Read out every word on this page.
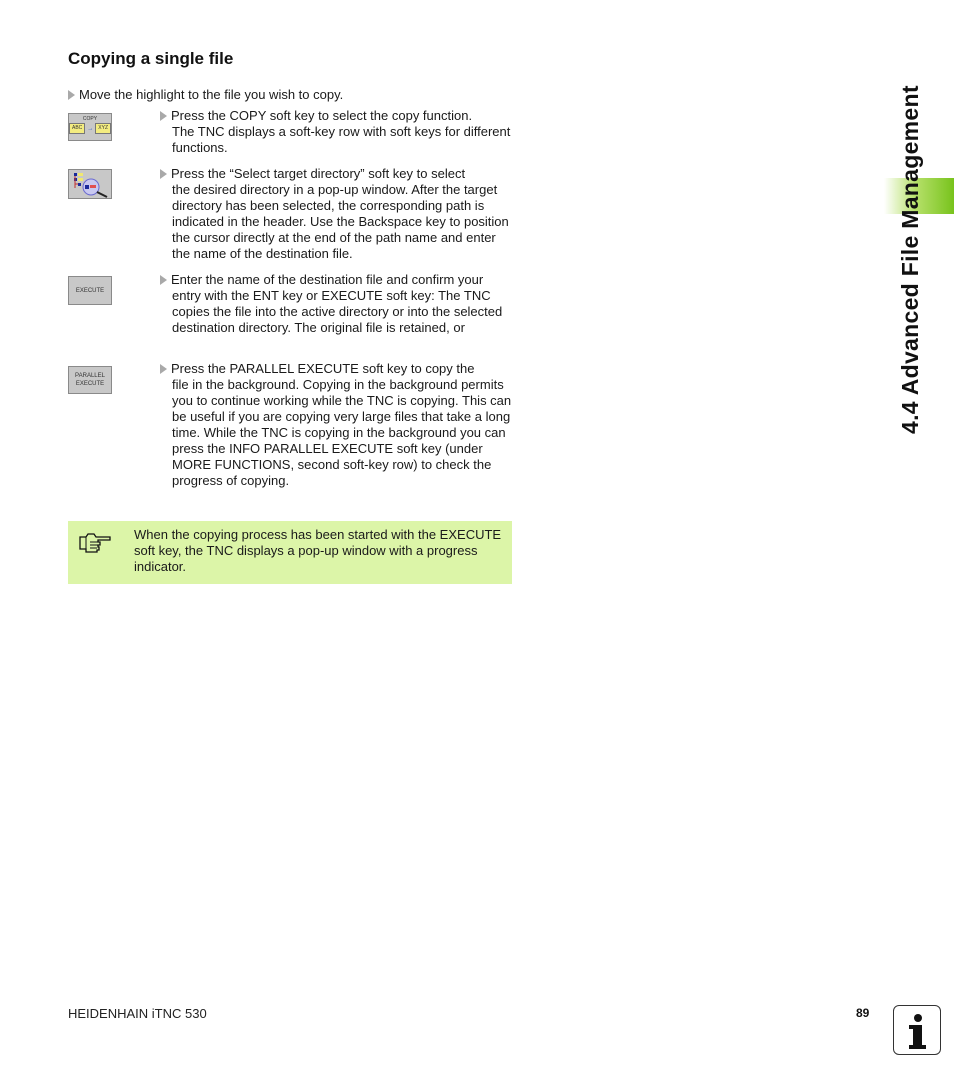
Copying a single file
Move the highlight to the file you wish to copy.
COPY
ABC →	XYZ
Press the COPY soft key to select the copy function.
The TNC displays a soft-key row with soft keys for different functions.
Press the “Select target directory” soft key to select
the desired directory in a pop-up window. After the target directory has been selected, the corresponding path is indicated in the header. Use the Backspace key to position the cursor directly at the end of the path name and enter the name of the destination file.
EXECUTE
Enter the name of the destination file and confirm your
entry with the ENT key or EXECUTE soft key: The TNC copies the file into the active directory or into the selected destination directory. The original file is retained, or
PARALLEL
EXECUTE
Press the PARALLEL EXECUTE soft key to copy the
file in the background. Copying in the background permits you to continue working while the TNC is copying. This can be useful if you are copying very large files that take a long time. While the TNC is copying in the background you can press the INFO PARALLEL EXECUTE soft key (under MORE FUNCTIONS, second soft-key row) to check the progress of copying.
When the copying process has been started with the EXECUTE soft key, the TNC displays a pop-up window with a progress indicator.
4.4 Advanced File Management
HEIDENHAIN iTNC 530	89
